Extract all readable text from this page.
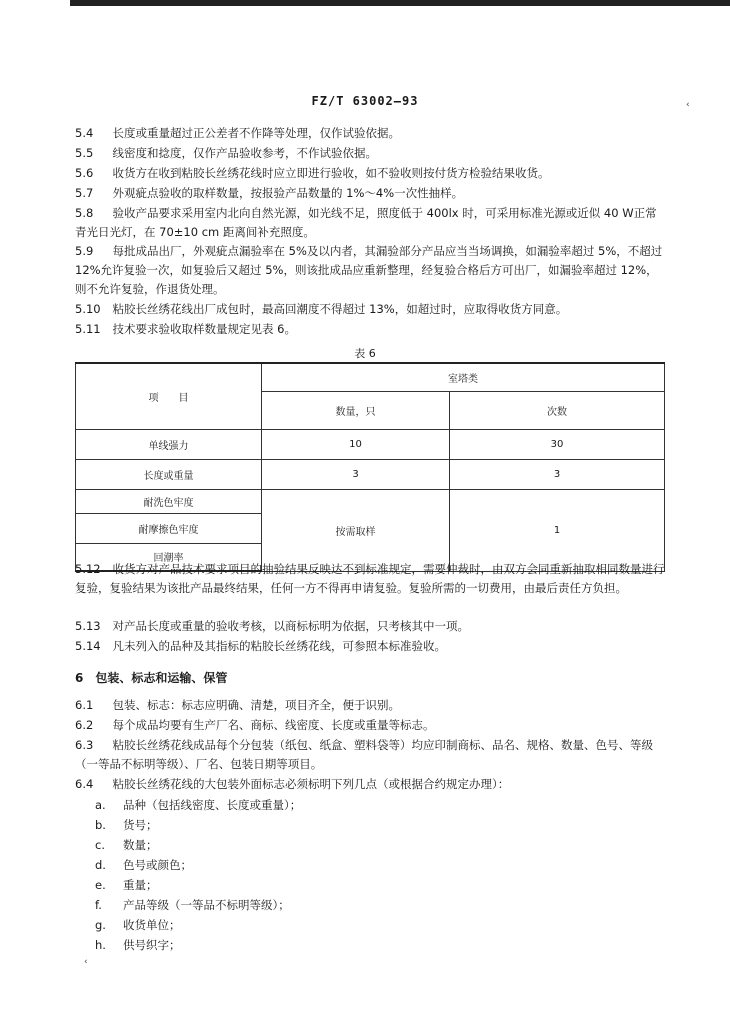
FZ/T 63002—93

5.4　 长度或重量超过正公差者不作降等处理，仅作试验依据。

5.5　 线密度和捻度，仅作产品验收参考，不作试验依据。

5.6　 收货方在收到粘胶长丝绣花线时应立即进行验收，如不验收则按付货方检验结果收货。

5.7　 外观疵点验收的取样数量，按报验产品数量的 1%～4%一次性抽样。

5.8　 验收产品要求采用室内北向自然光源，如光线不足，照度低于 400lx 时，可采用标准光源或近似 40 W正常青光日光灯，在 70±10 cm 距离间补充照度。

5.9　 每批成品出厂，外观疵点漏验率在 5%及以内者，其漏验部分产品应当当场调换，如漏验率超过 5%，不超过 12%允许复验一次，如复验后又超过 5%，则该批成品应重新整理，经复验合格后方可出厂，如漏验率超过 12%，则不允许复验，作退货处理。

5.10　 粘胶长丝绣花线出厂成包时，最高回潮度不得超过 13%，如超过时，应取得收货方同意。

5.11　 技术要求验收取样数量规定见表 6。

表 6
项　　目	室塔类	
	数量，只	次数
单线强力	10	30
长度或重量	3	3
耐洗色牢度	按需取样	1
耐摩擦色牢度		
回潮率		

5.12　 收货方对产品技术要求项目的抽验结果反映达不到标准规定，需要仲裁时，由双方会同重新抽取相同数量进行复验，复验结果为该批产品最终结果，任何一方不得再申请复验。复验所需的一切费用，由最后责任方负担。

5.13　 对产品长度或重量的验收考核，以商标标明为依据，只考核其中一项。

5.14　 凡未列入的品种及其指标的粘胶长丝绣花线，可参照本标准验收。

6　包装、标志和运输、保管

6.1　 包装、标志：标志应明确、清楚，项目齐全，便于识别。

6.2　 每个成品均要有生产厂名、商标、线密度、长度或重量等标志。

6.3　 粘胶长丝绣花线成品每个分包装（纸包、纸盒、塑料袋等）均应印制商标、品名、规格、数量、色号、等级（一等品不标明等级）、厂名、包装日期等项目。

6.4　 粘胶长丝绣花线的大包装外面标志必须标明下列几点（或根据合约规定办理）：

a. 品种（包括线密度、长度或重量）；
b. 货号；
c. 数量；
d. 色号或颜色；
e. 重量；
f. 产品等级（一等品不标明等级）；
g. 收货单位；
h. 供号织字；
‹
‹
